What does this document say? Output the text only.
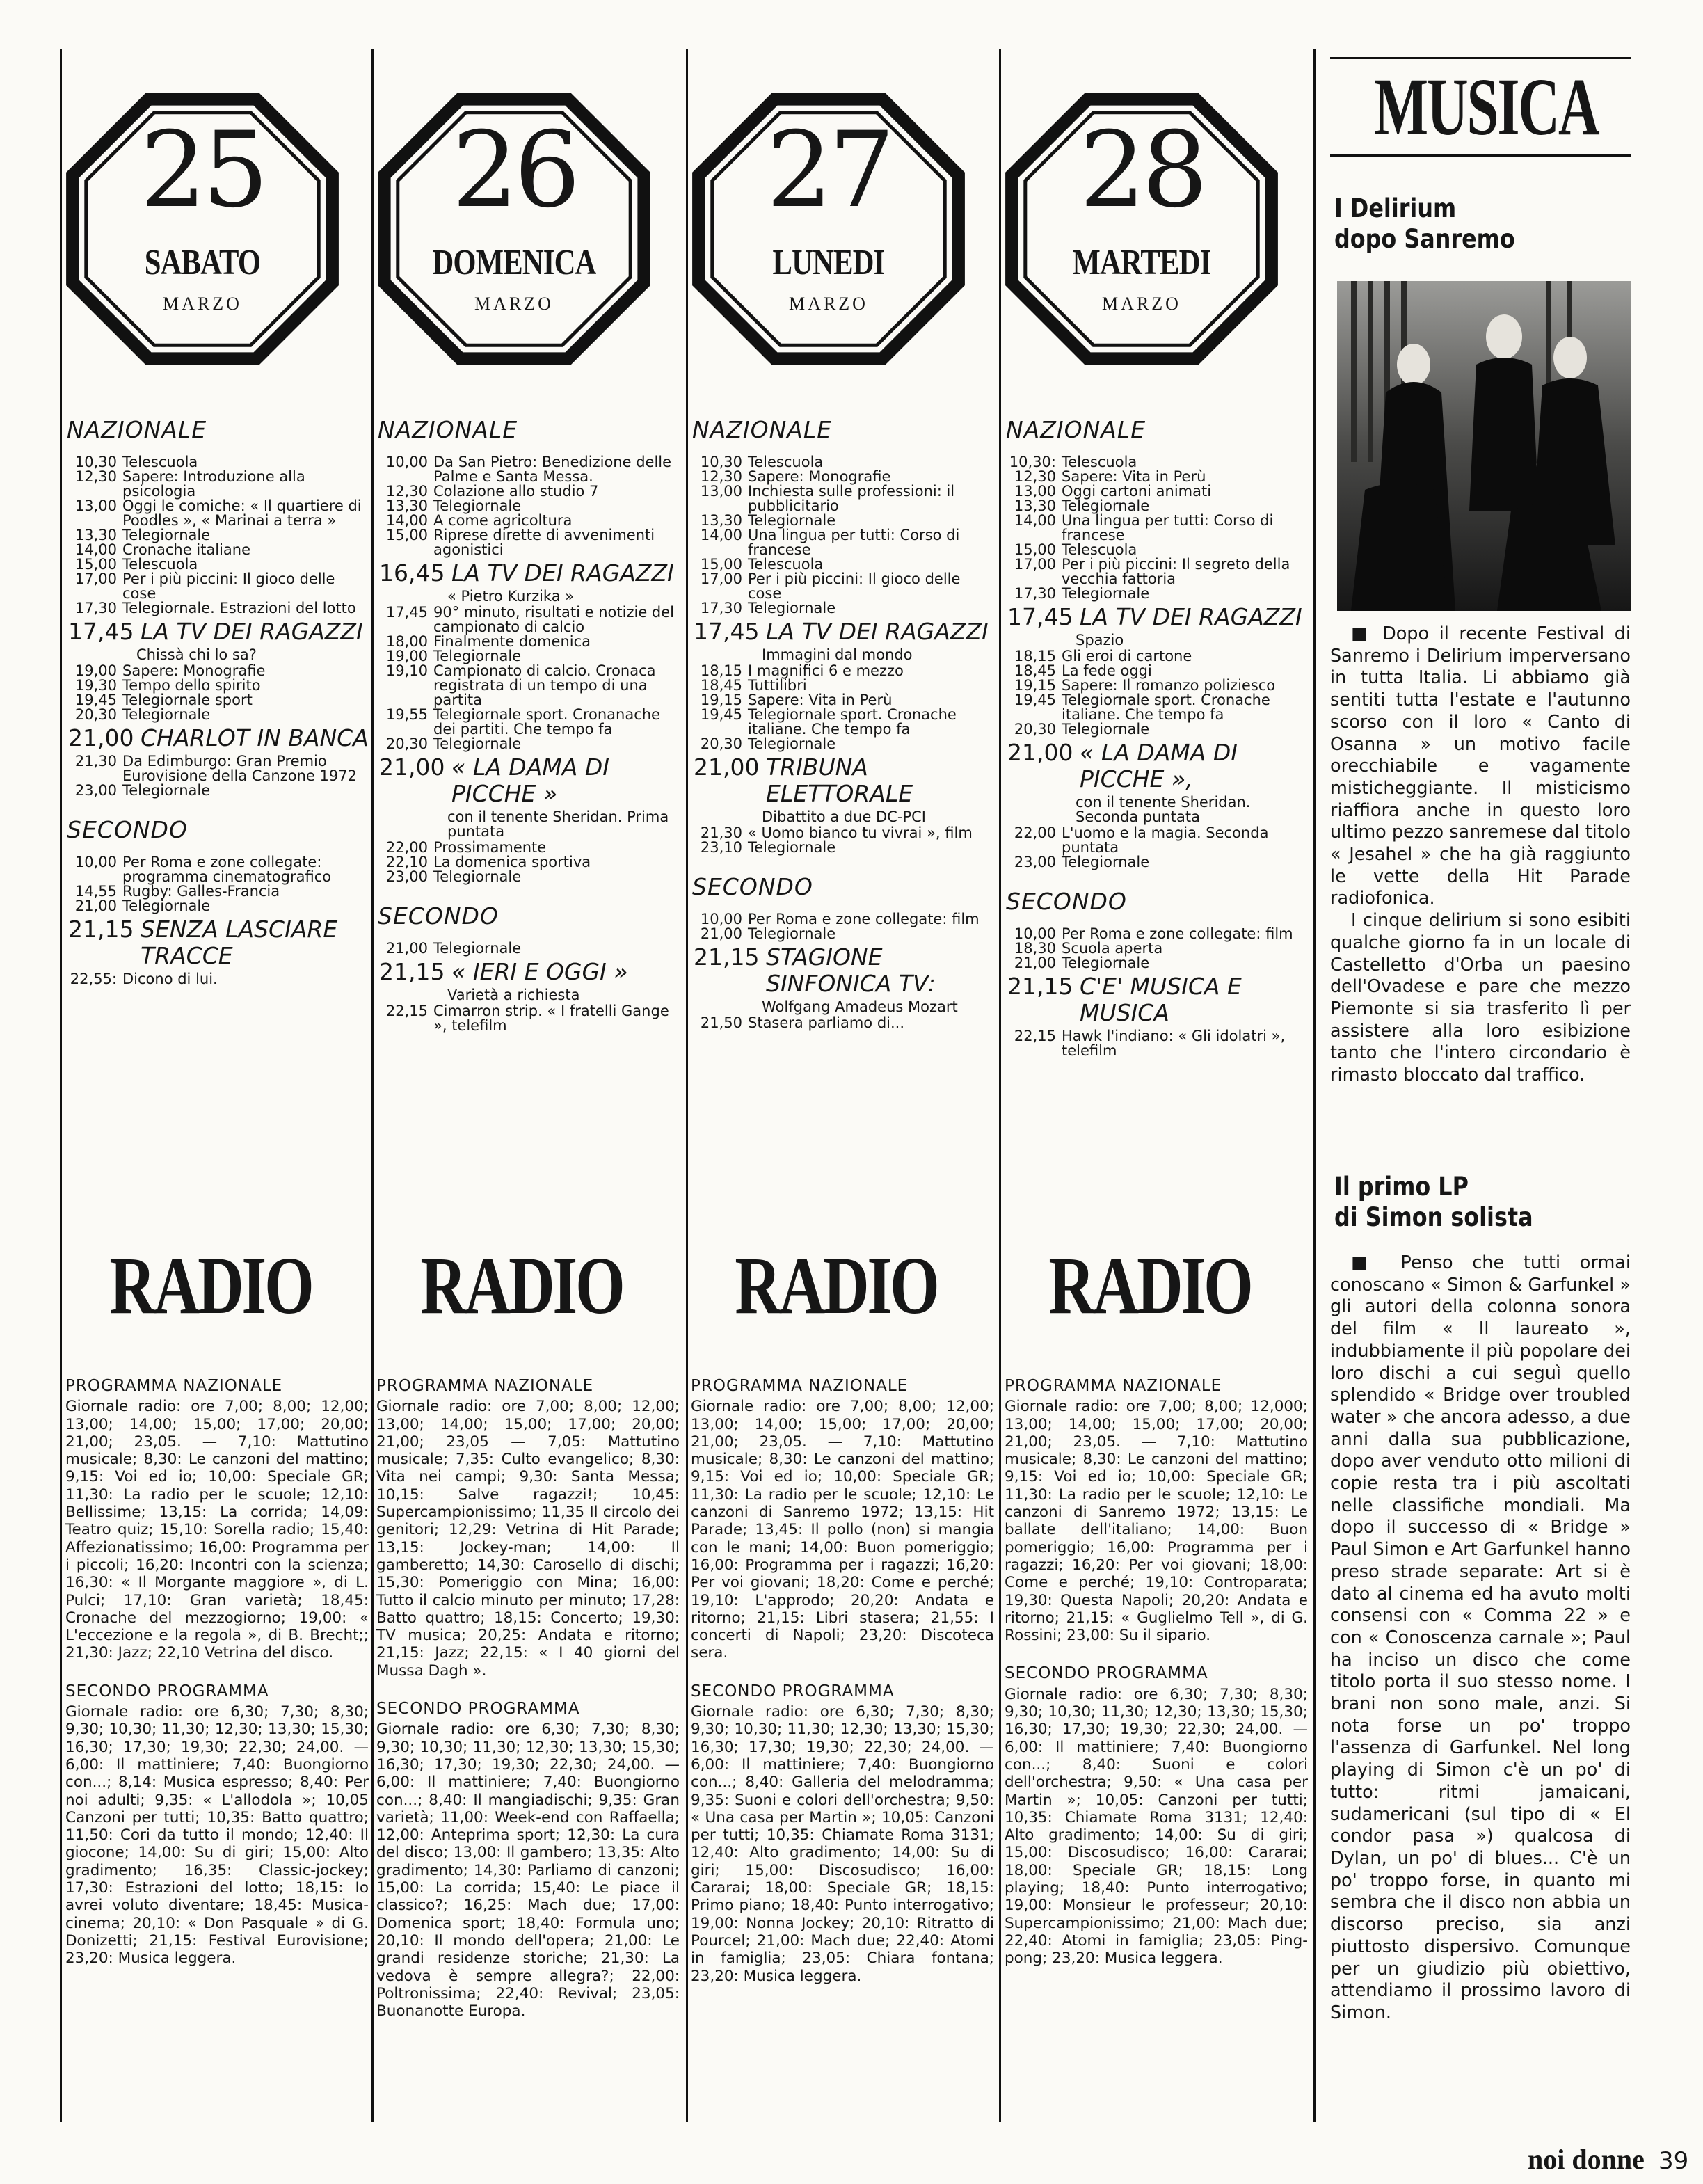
MUSICA
I Delirium
dopo Sanremo

■ Dopo il recente Festival di Sanremo i Delirium imperversano in tutta Italia. Li abbiamo già sentiti tutta l'estate e l'autunno scorso con il loro « Canto di Osanna » un motivo facile orecchiabile e vagamente misticheggiante. Il misticismo riaffiora anche in questo loro ultimo pezzo sanremese dal titolo « Jesahel » che ha già raggiunto le vette della Hit Parade radiofonica.

I cinque delirium si sono esibiti qualche giorno fa in un locale di Castelletto d'Orba un paesino dell'Ovadese e pare che mezzo Piemonte si sia trasferito lì per assistere alla loro esibizione tanto che l'intero circondario è rimasto bloccato dal traffico.

Il primo LP
di Simon solista

■ Penso che tutti ormai conoscano « Simon & Garfunkel » gli autori della colonna sonora del film « Il laureato », indubbiamente il più popolare dei loro dischi a cui seguì quello splendido « Bridge over troubled water » che ancora adesso, a due anni dalla sua pubblicazione, dopo aver venduto otto milioni di copie resta tra i più ascoltati nelle classifiche mondiali. Ma dopo il successo di « Bridge » Paul Simon e Art Garfunkel hanno preso strade separate: Art si è dato al cinema ed ha avuto molti consensi con « Comma 22 » e con « Conoscenza carnale »; Paul ha inciso un disco che come titolo porta il suo stesso nome. I brani non sono male, anzi. Si nota forse un po' troppo l'assenza di Garfunkel. Nel long playing di Simon c'è un po' di tutto: ritmi jamaicani, sudamericani (sul tipo di « El condor pasa ») qualcosa di Dylan, un po' di blues... C'è un po' troppo forse, in quanto mi sembra che il disco non abbia un discorso preciso, sia anzi piuttosto dispersivo. Comunque per un giudizio più obiettivo, attendiamo il prossimo lavoro di Simon.

noi donne 39
25
SABATO
MARZO
NAZIONALE
10,30 Telescuola
12,30 Sapere: Introduzione alla psicologia
13,00 Oggi le comiche: « Il quartiere di Poodles », « Marinai a terra »
13,30 Telegiornale
14,00 Cronache italiane
15,00 Telescuola
17,00 Per i più piccini: Il gioco delle cose
17,30 Telegiornale. Estrazioni del lotto
17,45 LA TV DEI RAGAZZI
Chissà chi lo sa?
19,00 Sapere: Monografie
19,30 Tempo dello spirito
19,45 Telegiornale sport
20,30 Telegiornale
21,00 CHARLOT IN BANCA
21,30 Da Edimburgo: Gran Premio Eurovisione della Canzone 1972
23,00 Telegiornale
SECONDO
10,00 Per Roma e zone collegate: programma cinematografico
14,55 Rugby: Galles-Francia
21,00 Telegiornale
21,15 SENZA LASCIARE TRACCE
22,55: Dicono di lui.
RADIO
PROGRAMMA NAZIONALE
Giornale radio: ore 7,00; 8,00; 12,00; 13,00; 14,00; 15,00; 17,00; 20,00; 21,00; 23,05. — 7,10: Mattutino musicale; 8,30: Le canzoni del mattino; 9,15: Voi ed io; 10,00: Speciale GR; 11,30: La radio per le scuole; 12,10: Bellissime; 13,15: La corrida; 14,09: Teatro quiz; 15,10: Sorella radio; 15,40: Affezionatissimo; 16,00: Programma per i piccoli; 16,20: Incontri con la scienza; 16,30: « Il Morgante maggiore », di L. Pulci; 17,10: Gran varietà; 18,45: Cronache del mezzogiorno; 19,00: « L'eccezione e la regola », di B. Brecht;; 21,30: Jazz; 22,10 Vetrina del disco.
SECONDO PROGRAMMA
Giornale radio: ore 6,30; 7,30; 8,30; 9,30; 10,30; 11,30; 12,30; 13,30; 15,30; 16,30; 17,30; 19,30; 22,30; 24,00. — 6,00: Il mattiniere; 7,40: Buongiorno con...; 8,14: Musica espresso; 8,40: Per noi adulti; 9,35: « L'allodola »; 10,05 Canzoni per tutti; 10,35: Batto quattro; 11,50: Cori da tutto il mondo; 12,40: Il giocone; 14,00: Su di giri; 15,00: Alto gradimento; 16,35: Classic-jockey; 17,30: Estrazioni del lotto; 18,15: Io avrei voluto diventare; 18,45: Musica-cinema; 20,10: « Don Pasquale » di G. Donizetti; 21,15: Festival Eurovisione; 23,20: Musica leggera.
26
DOMENICA
MARZO
NAZIONALE
10,00 Da San Pietro: Benedizione delle Palme e Santa Messa.
12,30 Colazione allo studio 7
13,30 Telegiornale
14,00 A come agricoltura
15,00 Riprese dirette di avvenimenti agonistici
16,45 LA TV DEI RAGAZZI
« Pietro Kurzika »
17,45 90° minuto, risultati e notizie del campionato di calcio
18,00 Finalmente domenica
19,00 Telegiornale
19,10 Campionato di calcio. Cronaca registrata di un tempo di una partita
19,55 Telegiornale sport. Cronanache dei partiti. Che tempo fa
20,30 Telegiornale
21,00 « LA DAMA DI PICCHE »
con il tenente Sheridan. Prima puntata
22,00 Prossimamente
22,10 La domenica sportiva
23,00 Telegiornale
SECONDO
21,00 Telegiornale
21,15 « IERI E OGGI »
Varietà a richiesta
22,15 Cimarron strip. « I fratelli Gange », telefilm
RADIO
PROGRAMMA NAZIONALE
Giornale radio: ore 7,00; 8,00; 12,00; 13,00; 14,00; 15,00; 17,00; 20,00; 21,00; 23,05 — 7,05: Mattutino musicale; 7,35: Culto evangelico; 8,30: Vita nei campi; 9,30: Santa Messa; 10,15: Salve ragazzi!; 10,45: Supercampionissimo; 11,35 Il circolo dei genitori; 12,29: Vetrina di Hit Parade; 13,15: Jockey-man; 14,00: Il gamberetto; 14,30: Carosello di dischi; 15,30: Pomeriggio con Mina; 16,00: Tutto il calcio minuto per minuto; 17,28: Batto quattro; 18,15: Concerto; 19,30: TV musica; 20,25: Andata e ritorno; 21,15: Jazz; 22,15: « I 40 giorni del Mussa Dagh ».
SECONDO PROGRAMMA
Giornale radio: ore 6,30; 7,30; 8,30; 9,30; 10,30; 11,30; 12,30; 13,30; 15,30; 16,30; 17,30; 19,30; 22,30; 24,00. — 6,00: Il mattiniere; 7,40: Buongiorno con...; 8,40: Il mangiadischi; 9,35: Gran varietà; 11,00: Week-end con Raffaella; 12,00: Anteprima sport; 12,30: La cura del disco; 13,00: Il gambero; 13,35: Alto gradimento; 14,30: Parliamo di canzoni; 15,00: La corrida; 15,40: Le piace il classico?; 16,25: Mach due; 17,00: Domenica sport; 18,40: Formula uno; 20,10: Il mondo dell'opera; 21,00: Le grandi residenze storiche; 21,30: La vedova è sempre allegra?; 22,00: Poltronissima; 22,40: Revival; 23,05: Buonanotte Europa.
27
LUNEDI
MARZO
NAZIONALE
10,30 Telescuola
12,30 Sapere: Monografie
13,00 Inchiesta sulle professioni: il pubblicitario
13,30 Telegiornale
14,00 Una lingua per tutti: Corso di francese
15,00 Telescuola
17,00 Per i più piccini: Il gioco delle cose
17,30 Telegiornale
17,45 LA TV DEI RAGAZZI
Immagini dal mondo
18,15 I magnifici 6 e mezzo
18,45 Tuttilibri
19,15 Sapere: Vita in Perù
19,45 Telegiornale sport. Cronache italiane. Che tempo fa
20,30 Telegiornale
21,00 TRIBUNA ELETTORALE
Dibattito a due DC-PCI
21,30 « Uomo bianco tu vivrai », film
23,10 Telegiornale
SECONDO
10,00 Per Roma e zone collegate: film
21,00 Telegiornale
21,15 STAGIONE SINFONICA TV:
Wolfgang Amadeus Mozart
21,50 Stasera parliamo di...
RADIO
PROGRAMMA NAZIONALE
Giornale radio: ore 7,00; 8,00; 12,00; 13,00; 14,00; 15,00; 17,00; 20,00; 21,00; 23,05. — 7,10: Mattutino musicale; 8,30: Le canzoni del mattino; 9,15: Voi ed io; 10,00: Speciale GR; 11,30: La radio per le scuole; 12,10: Le canzoni di Sanremo 1972; 13,15: Hit Parade; 13,45: Il pollo (non) si mangia con le mani; 14,00: Buon pomeriggio; 16,00: Programma per i ragazzi; 16,20: Per voi giovani; 18,20: Come e perché; 19,10: L'approdo; 20,20: Andata e ritorno; 21,15: Libri stasera; 21,55: I concerti di Napoli; 23,20: Discoteca sera.
SECONDO PROGRAMMA
Giornale radio: ore 6,30; 7,30; 8,30; 9,30; 10,30; 11,30; 12,30; 13,30; 15,30; 16,30; 17,30; 19,30; 22,30; 24,00. — 6,00: Il mattiniere; 7,40: Buongiorno con...; 8,40: Galleria del melodramma; 9,35: Suoni e colori dell'orchestra; 9,50: « Una casa per Martin »; 10,05: Canzoni per tutti; 10,35: Chiamate Roma 3131; 12,40: Alto gradimento; 14,00: Su di giri; 15,00: Discosudisco; 16,00: Cararai; 18,00: Speciale GR; 18,15: Primo piano; 18,40: Punto interrogativo; 19,00: Nonna Jockey; 20,10: Ritratto di Pourcel; 21,00: Mach due; 22,40: Atomi in famiglia; 23,05: Chiara fontana; 23,20: Musica leggera.
28
MARTEDI
MARZO
NAZIONALE
10,30: Telescuola
12,30 Sapere: Vita in Perù
13,00 Oggi cartoni animati
13,30 Telegiornale
14,00 Una lingua per tutti: Corso di francese
15,00 Telescuola
17,00 Per i più piccini: Il segreto della vecchia fattoria
17,30 Telegiornale
17,45 LA TV DEI RAGAZZI
Spazio
18,15 Gli eroi di cartone
18,45 La fede oggi
19,15 Sapere: Il romanzo poliziesco
19,45 Telegiornale sport. Cronache italiane. Che tempo fa
20,30 Telegiornale
21,00 « LA DAMA DI PICCHE »,
con il tenente Sheridan. Seconda puntata
22,00 L'uomo e la magia. Seconda puntata
23,00 Telegiornale
SECONDO
10,00 Per Roma e zone collegate: film
18,30 Scuola aperta
21,00 Telegiornale
21,15 C'E' MUSICA E MUSICA
22,15 Hawk l'indiano: « Gli idolatri », telefilm
RADIO
PROGRAMMA NAZIONALE
Giornale radio: ore 7,00; 8,00; 12,000; 13,00; 14,00; 15,00; 17,00; 20,00; 21,00; 23,05. — 7,10: Mattutino musicale; 8,30: Le canzoni del mattino; 9,15: Voi ed io; 10,00: Speciale GR; 11,30: La radio per le scuole; 12,10: Le canzoni di Sanremo 1972; 13,15: Le ballate dell'italiano; 14,00: Buon pomeriggio; 16,00: Programma per i ragazzi; 16,20: Per voi giovani; 18,00: Come e perché; 19,10: Controparata; 19,30: Questa Napoli; 20,20: Andata e ritorno; 21,15: « Guglielmo Tell », di G. Rossini; 23,00: Su il sipario.
SECONDO PROGRAMMA
Giornale radio: ore 6,30; 7,30; 8,30; 9,30; 10,30; 11,30; 12,30; 13,30; 15,30; 16,30; 17,30; 19,30; 22,30; 24,00. — 6,00: Il mattiniere; 7,40: Buongiorno con...; 8,40: Suoni e colori dell'orchestra; 9,50: « Una casa per Martin »; 10,05: Canzoni per tutti; 10,35: Chiamate Roma 3131; 12,40: Alto gradimento; 14,00: Su di giri; 15,00: Discosudisco; 16,00: Cararai; 18,00: Speciale GR; 18,15: Long playing; 18,40: Punto interrogativo; 19,00: Monsieur le professeur; 20,10: Supercampionissimo; 21,00: Mach due; 22,40: Atomi in famiglia; 23,05: Ping-pong; 23,20: Musica leggera.
